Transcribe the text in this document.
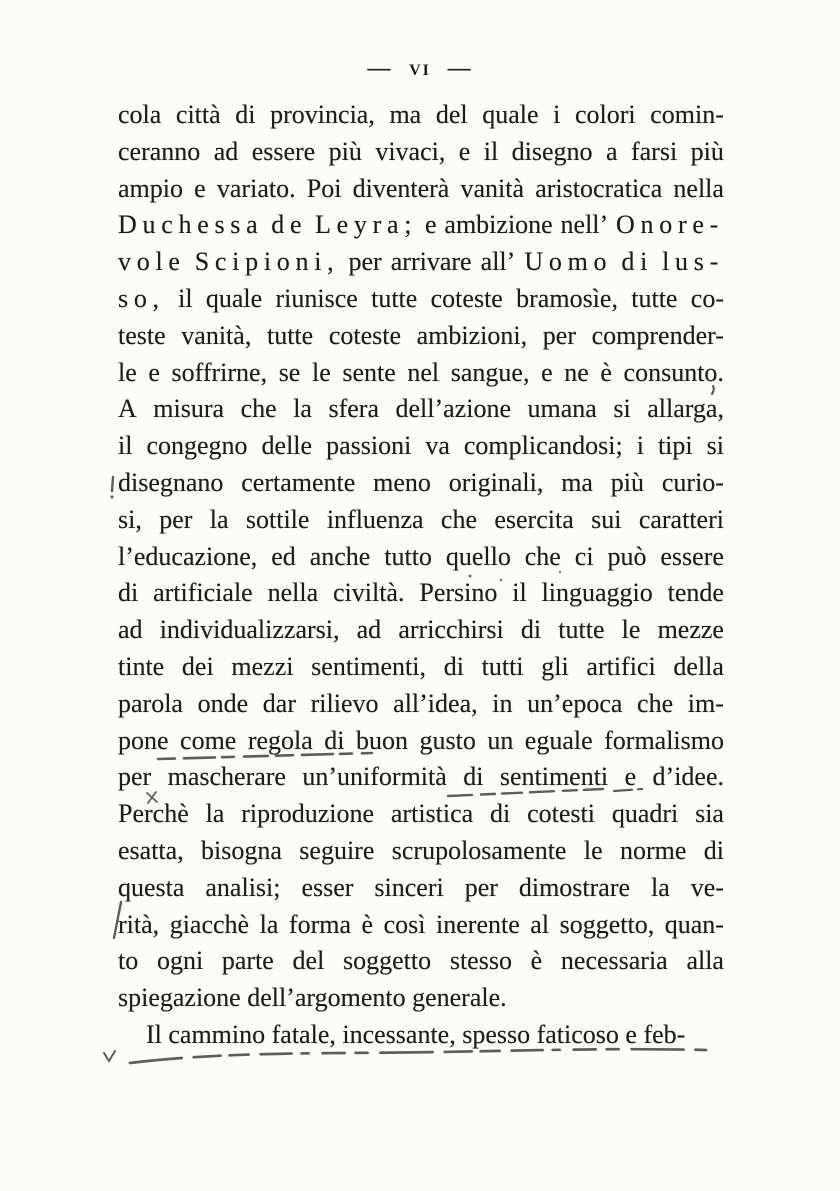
— vi —
cola città di provincia, ma del quale i colori comin-
ceranno ad essere più vivaci, e il disegno a farsi più
ampio e variato. Poi diventerà vanità aristocratica nella
Duchessa de Leyra; e ambizione nell’ Onore-
vole Scipioni, per arrivare all’ Uomo di lus-
so, il quale riunisce tutte coteste bramosìe, tutte co-
teste vanità, tutte coteste ambizioni, per comprender-
le e soffrirne, se le sente nel sangue, e ne è consunto.
A misura che la sfera dell’azione umana si allarga,
il congegno delle passioni va complicandosi; i tipi si
disegnano certamente meno originali, ma più curio-
si, per la sottile influenza che esercita sui caratteri
l’educazione, ed anche tutto quello che ci può essere
di artificiale nella civiltà. Persino il linguaggio tende
ad individualizzarsi, ad arricchirsi di tutte le mezze
tinte dei mezzi sentimenti, di tutti gli artifici della
parola onde dar rilievo all’idea, in un’epoca che im-
pone come regola di buon gusto un eguale formalismo
per mascherare un’uniformità di sentimenti e d’idee.
Perchè la riproduzione artistica di cotesti quadri sia
esatta, bisogna seguire scrupolosamente le norme di
questa analisi; esser sinceri per dimostrare la ve-
rità, giacchè la forma è così inerente al soggetto, quan-
to ogni parte del soggetto stesso è necessaria alla
spiegazione dell’argomento generale.
Il cammino fatale, incessante, spesso faticoso e feb-
